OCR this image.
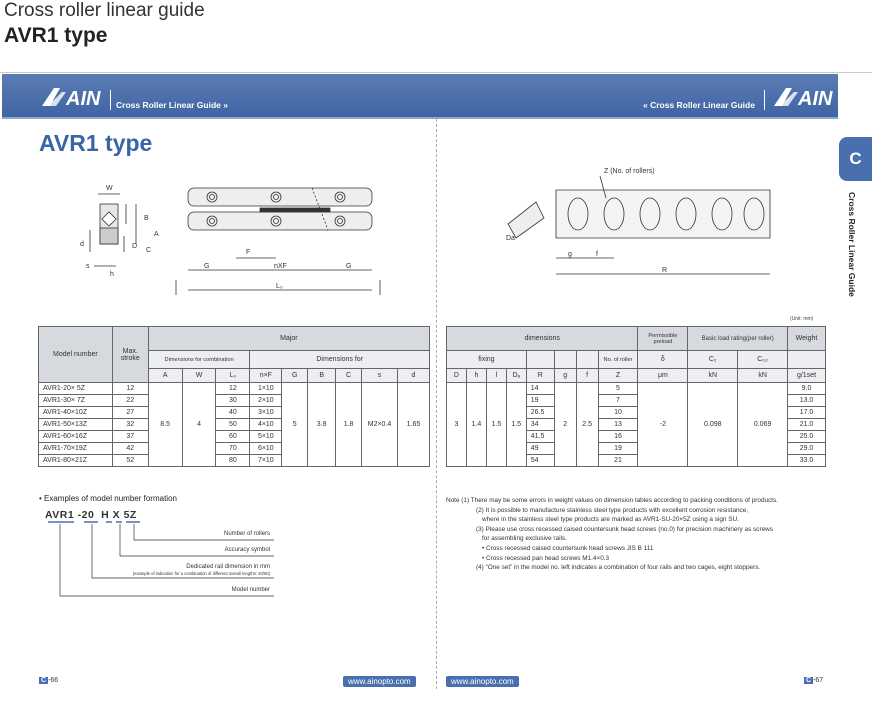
Cross roller linear guide
AVR1 type
AIN Cross Roller Linear Guide »	« Cross Roller Linear Guide AIN
AVR1 type
C
Cross Roller Linear Guide
W
B
A
d	D
C
s
h
F
G	nXF	G
L₀
Z (No. of rollers)
Da
g	f
R
(Unit: mm)
Model number	Max. stroke	Major								
		Dimensions for combination			Dimensions for					
		A	W	L₀	n×F	G	B	C	s	d
AVR1-20× 5Z	12	8.5	4	12	1×10	5	3.8	1.8	M2×0.4	1.65
AVR1-30× 7Z	22			30	2×10					
AVR1-40×10Z	27			40	3×10					
AVR1-50×13Z	32			50	4×10					
AVR1-60×16Z	37			60	5×10					
AVR1-70×19Z	42			70	6×10					
AVR1-80×21Z	52			80	7×10					
dimensions								Permissible preload	Basic load rating(per roller)		Weight
fixing							No. of roller	δ	C₂	C₀₂	
D	h	l	Dₐ	R	g	f	Z	μm	kN	kN	g/1set
3	1.4	1.5	1.5	14	2	2.5	5	-2	0.098	0.069	9.0
				19			7				13.0
				26.5			10				17.0
				34			13				21.0
				41.5			16				25.0
				49			19				29.0
				54			21				33.0
• Examples of model number formation
AVR1 -20  H X 5Z
Number of rollers
Accuracy symbol
Dedicated rail dimension in mm
(example of indication for a combination of different overall lengths: 40/50)
Model number
Note (1) There may be some errors in weight values on dimension tables according to packing conditions of products.
(2) It is possible to manufacture stainless steel type products with excellent corrosion resistance,
where in the stainless steel type products are marked as AVR1-SU-20×5Z using a sign SU.
(3) Please use cross recessed caised countersunk head screws (no.0) for precision machinery as screws
for assembling exclusive rails.
• Cross recessed caised countersunk head screws JIS B 111
• Cross recessed pan head screws M1.4×0.3
(4) “One set” in the model no. left indicates a combination of four rails and two cages, eight stoppers.
C -66	www.ainopto.com	www.ainopto.com	C -67
